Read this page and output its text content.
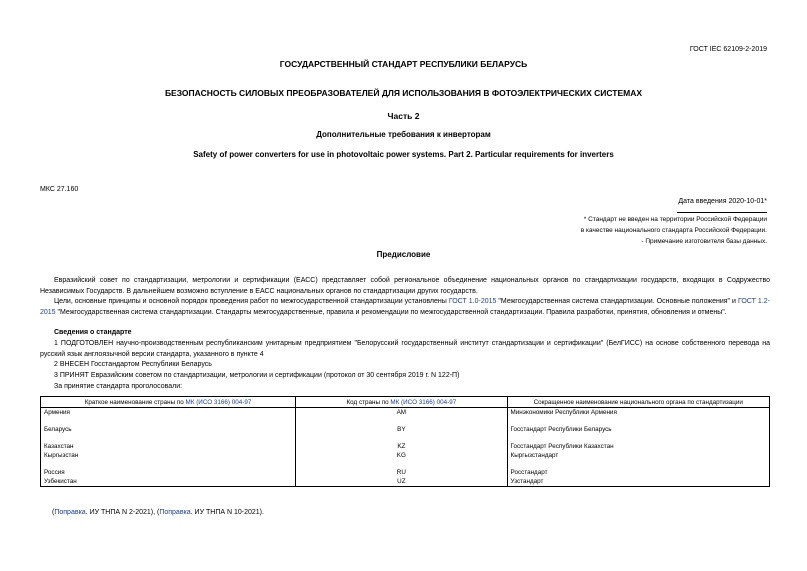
ГОСТ IEC 62109-2-2019
ГОСУДАРСТВЕННЫЙ СТАНДАРТ РЕСПУБЛИКИ БЕЛАРУСЬ
БЕЗОПАСНОСТЬ СИЛОВЫХ ПРЕОБРАЗОВАТЕЛЕЙ ДЛЯ ИСПОЛЬЗОВАНИЯ В ФОТОЭЛЕКТРИЧЕСКИХ СИСТЕМАХ
Часть 2
Дополнительные требования к инверторам
Safety of power converters for use in photovoltaic power systems. Part 2. Particular requirements for inverters
МКС 27.160
Дата введения 2020-10-01*
* Стандарт не введен на территории Российской Федерации
в качестве национального стандарта Российской Федерации.
- Примечание изготовителя базы данных.
Предисловие
Евразийский совет по стандартизации, метрологии и сертификации (ЕАСС) представляет собой региональное объединение национальных органов по стандартизации государств, входящих в Содружество Независимых Государств. В дальнейшем возможно вступление в ЕАСС национальных органов по стандартизации других государств.
Цели, основные принципы и основной порядок проведения работ по межгосударственной стандартизации установлены ГОСТ 1.0-2015 "Межгосударственная система стандартизации. Основные положения" и ГОСТ 1.2-2015 "Межгосударственная система стандартизации. Стандарты межгосударственные, правила и рекомендации по межгосударственной стандартизации. Правила разработки, принятия, обновления и отмены".
Сведения о стандарте
1 ПОДГОТОВЛЕН научно-производственным республиканским унитарным предприятием "Белорусский государственный институт стандартизации и сертификации" (БелГИСС) на основе собственного перевода на русский язык англоязычной версии стандарта, указанного в пункте 4
2 ВНЕСЕН Госстандартом Республики Беларусь
3 ПРИНЯТ Евразийским советом по стандартизации, метрологии и сертификации (протокол от 30 сентября 2019 г. N 122-П)
За принятие стандарта проголосовали:
Краткое наименование страны по МК (ИСО 3166) 004-97	Код страны по МК (ИСО 3166) 004-97	Сокращенное наименование национального органа по стандартизации
Армения	AM	Минэкономики Республики Армения
Беларусь	BY	Госстандарт Республики Беларусь
Казахстан	KZ	Госстандарт Республики Казахстан
Кыргызстан	KG	Кыргызстандарт
Россия	RU	Росстандарт
Узбекистан	UZ	Узстандарт
(Поправка. ИУ ТНПА N 2-2021), (Поправка. ИУ ТНПА N 10-2021).
